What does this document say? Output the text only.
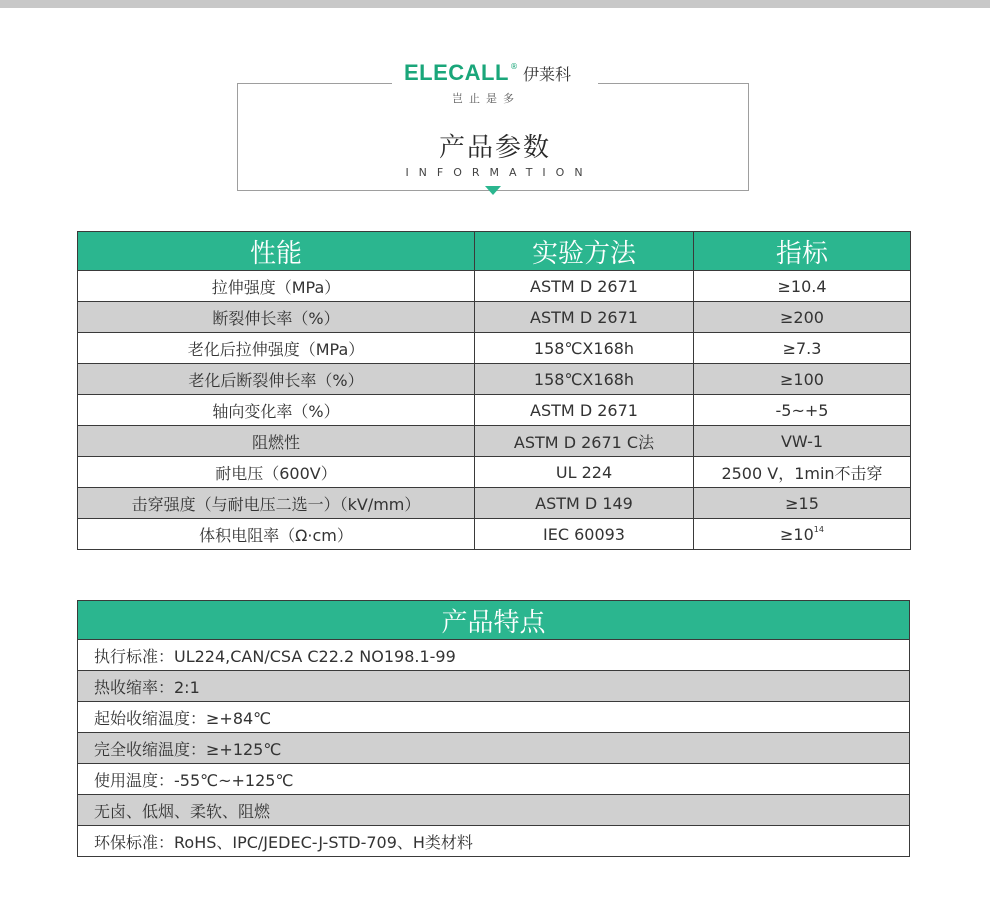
ELECALL ® 伊莱科
岂止是多
产品参数
INFORMATION
性能	实验方法	指标
拉伸强度（MPa）	ASTM D 2671	≥10.4
断裂伸长率（%）	ASTM D 2671	≥200
老化后拉伸强度（MPa）	158℃X168h	≥7.3
老化后断裂伸长率（%）	158℃X168h	≥100
轴向变化率（%）	ASTM D 2671	-5~+5
阻燃性	ASTM D 2671 C法	VW-1
耐电压（600V）	UL 224	2500 V，1min不击穿
击穿强度（与耐电压二选一）（kV/mm）	ASTM D 149	≥15
体积电阻率（Ω·cm）	IEC 60093	$\ge 10^{14}$
产品特点
执行标准：UL224,CAN/CSA C22.2 NO198.1-99
热收缩率：2:1
起始收缩温度：≥+84℃
完全收缩温度：≥+125℃
使用温度：-55℃~+125℃
无卤、低烟、柔软、阻燃
环保标准：RoHS、IPC/JEDEC-J-STD-709、H类材料
